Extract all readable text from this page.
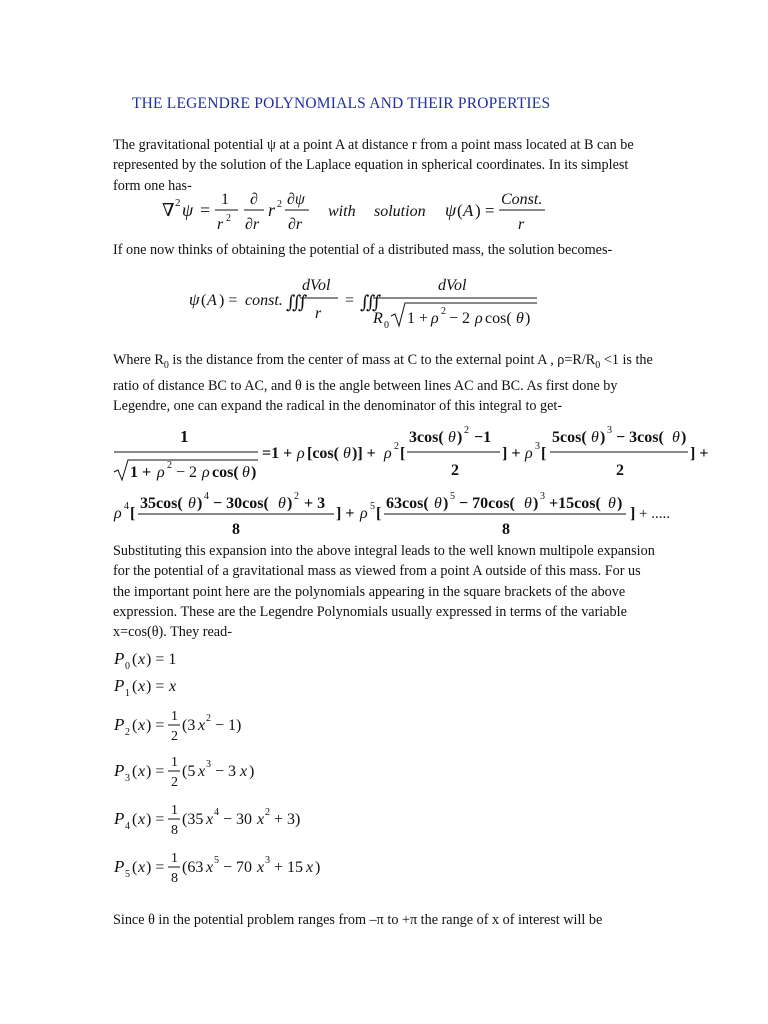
THE LEGENDRE POLYNOMIALS AND THEIR PROPERTIES
The gravitational potential ψ at a point A at distance r from a point mass located at B can be represented by the solution of the Laplace equation in spherical coordinates. In its simplest form one has-
∇ 2 ψ =
1
r 2
∂
∂r
r 2 ∂ψ
∂r
with solution ψ ( A ) =
Const.
r
If one now thinks of obtaining the potential of a distributed mass, the solution becomes-
ψ ( A ) = const. ∭
dVol
r
= ∭
dVol
R 0 1 + ρ 2 − 2 ρ cos( θ )
Where $R_0$ is the distance from the center of mass at C to the external point A , $\rho=R/R_0 <1$ is the ratio of distance BC to AC, and θ is the angle between lines AC and BC. As first done by Legendre, one can expand the radical in the denominator of this integral to get-
1
1 + ρ 2 − 2 ρ cos( θ )
=1 + ρ [cos( θ )] + ρ 2 [
3cos( θ ) 2 −1
2
] + ρ 3 [
5cos( θ ) 3 − 3cos( θ )
2
] +
ρ 4 [
35cos( θ ) 4 − 30cos( θ ) 2 + 3
8
] + ρ 5 [
63cos( θ ) 5 − 70cos( θ ) 3 +15cos( θ )
8
] + .....
Substituting this expansion into the above integral leads to the well known multipole expansion for the potential of a gravitational mass as viewed from a point A outside of this mass. For us the important point here are the polynomials appearing in the square brackets of the above expression. These are the Legendre Polynomials usually expressed in terms of the variable x=cos(θ). They read-
P 0 ( x ) = 1
P 1 ( x ) = x
P 2 ( x ) =
1
2
(3 x 2 − 1)
P 3 ( x ) =
1
2
(5 x 3 − 3 x )
P 4 ( x ) =
1
8
(35 x 4 − 30 x 2 + 3)
P 5 ( x ) =
1
8
(63 x 5 − 70 x 3 + 15 x )
Since θ in the potential problem ranges from –π to +π the range of x of interest will be
